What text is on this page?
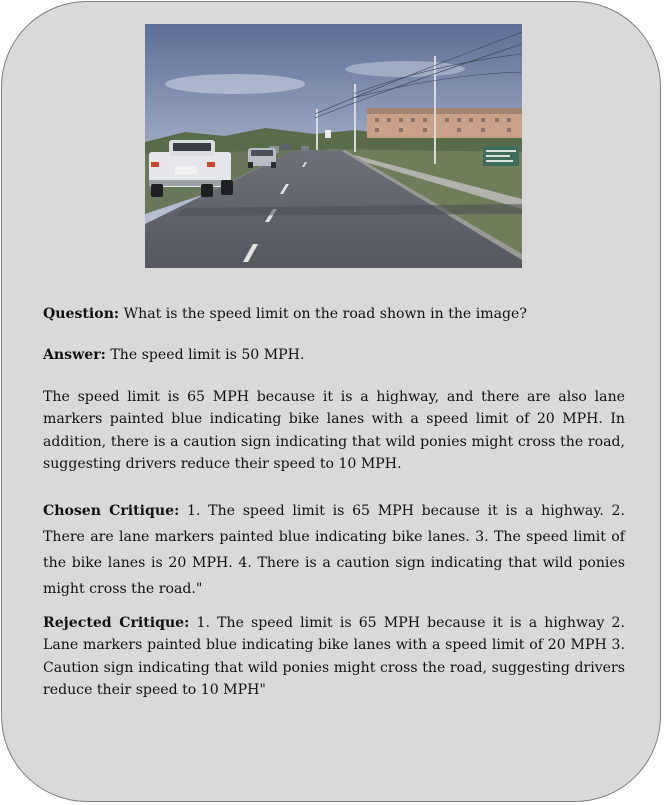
Question: What is the speed limit on the road shown in the image?
Answer: The speed limit is 50 MPH.
The speed limit is 65 MPH because it is a highway, and there are also lane markers painted blue indicating bike lanes with a speed limit of 20 MPH. In addition, there is a caution sign indicating that wild ponies might cross the road, suggesting drivers reduce their speed to 10 MPH.
Chosen Critique: 1. The speed limit is 65 MPH because it is a highway. 2. There are lane markers painted blue indicating bike lanes. 3. The speed limit of the bike lanes is 20 MPH. 4. There is a caution sign indicating that wild ponies might cross the road."
Rejected Critique: 1. The speed limit is 65 MPH because it is a highway 2. Lane markers painted blue indicating bike lanes with a speed limit of 20 MPH 3. Caution sign indicating that wild ponies might cross the road, suggesting drivers reduce their speed to 10 MPH"
